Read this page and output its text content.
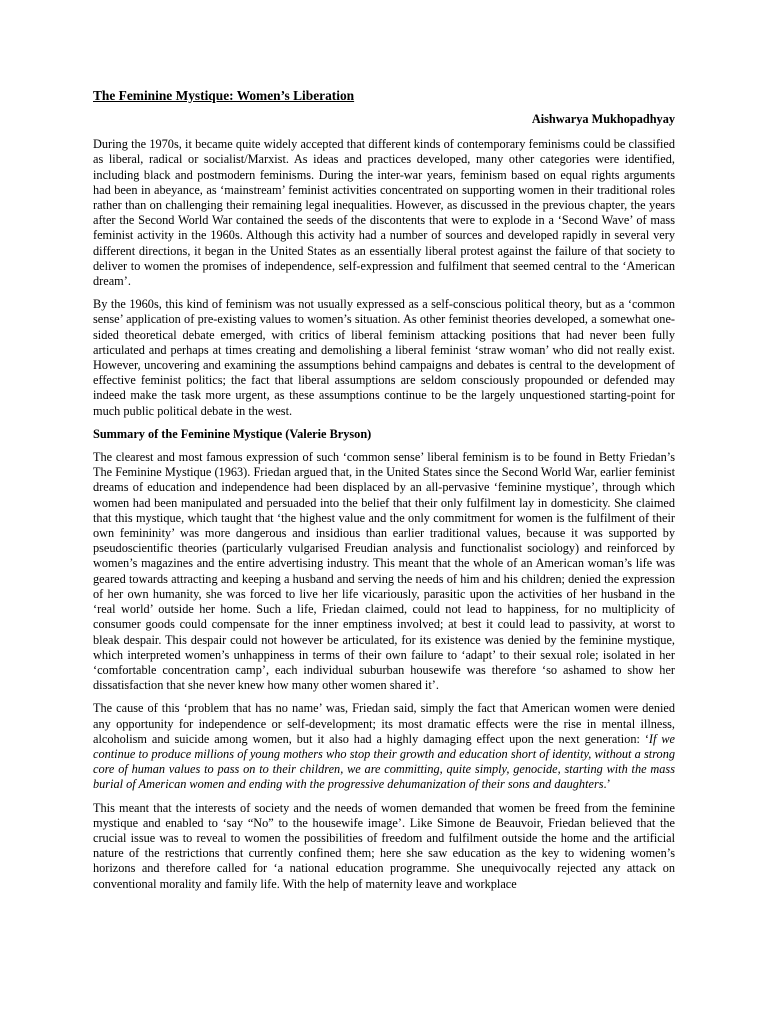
The Feminine Mystique: Women’s Liberation
Aishwarya Mukhopadhyay

During the 1970s, it became quite widely accepted that different kinds of contemporary feminisms could be classified as liberal, radical or socialist/Marxist. As ideas and practices developed, many other categories were identified, including black and postmodern feminisms. During the inter-war years, feminism based on equal rights arguments had been in abeyance, as ‘mainstream’ feminist activities concentrated on supporting women in their traditional roles rather than on challenging their remaining legal inequalities. However, as discussed in the previous chapter, the years after the Second World War contained the seeds of the discontents that were to explode in a ‘Second Wave’ of mass feminist activity in the 1960s. Although this activity had a number of sources and developed rapidly in several very different directions, it began in the United States as an essentially liberal protest against the failure of that society to deliver to women the promises of independence, self-expression and fulfilment that seemed central to the ‘American dream’.

By the 1960s, this kind of feminism was not usually expressed as a self-conscious political theory, but as a ‘common sense’ application of pre-existing values to women’s situation. As other feminist theories developed, a somewhat one-sided theoretical debate emerged, with critics of liberal feminism attacking positions that had never been fully articulated and perhaps at times creating and demolishing a liberal feminist ‘straw woman’ who did not really exist. However, uncovering and examining the assumptions behind campaigns and debates is central to the development of effective feminist politics; the fact that liberal assumptions are seldom consciously propounded or defended may indeed make the task more urgent, as these assumptions continue to be the largely unquestioned starting-point for much public political debate in the west.

Summary of the Feminine Mystique (Valerie Bryson)

The clearest and most famous expression of such ‘common sense’ liberal feminism is to be found in Betty Friedan’s The Feminine Mystique (1963). Friedan argued that, in the United States since the Second World War, earlier feminist dreams of education and independence had been displaced by an all-pervasive ‘feminine mystique’, through which women had been manipulated and persuaded into the belief that their only fulfilment lay in domesticity. She claimed that this mystique, which taught that ‘the highest value and the only commitment for women is the fulfilment of their own femininity’ was more dangerous and insidious than earlier traditional values, because it was supported by pseudoscientific theories (particularly vulgarised Freudian analysis and functionalist sociology) and reinforced by women’s magazines and the entire advertising industry. This meant that the whole of an American woman’s life was geared towards attracting and keeping a husband and serving the needs of him and his children; denied the expression of her own humanity, she was forced to live her life vicariously, parasitic upon the activities of her husband in the ‘real world’ outside her home. Such a life, Friedan claimed, could not lead to happiness, for no multiplicity of consumer goods could compensate for the inner emptiness involved; at best it could lead to passivity, at worst to bleak despair. This despair could not however be articulated, for its existence was denied by the feminine mystique, which interpreted women’s unhappiness in terms of their own failure to ‘adapt’ to their sexual role; isolated in her ‘comfortable concentration camp’, each individual suburban housewife was therefore ‘so ashamed to show her dissatisfaction that she never knew how many other women shared it’.

The cause of this ‘problem that has no name’ was, Friedan said, simply the fact that American women were denied any opportunity for independence or self-development; its most dramatic effects were the rise in mental illness, alcoholism and suicide among women, but it also had a highly damaging effect upon the next generation: ‘If we continue to produce millions of young mothers who stop their growth and education short of identity, without a strong core of human values to pass on to their children, we are committing, quite simply, genocide, starting with the mass burial of American women and ending with the progressive dehumanization of their sons and daughters.’

This meant that the interests of society and the needs of women demanded that women be freed from the feminine mystique and enabled to ‘say “No” to the housewife image’. Like Simone de Beauvoir, Friedan believed that the crucial issue was to reveal to women the possibilities of freedom and fulfilment outside the home and the artificial nature of the restrictions that currently confined them; here she saw education as the key to widening women’s horizons and therefore called for ‘a national education programme. She unequivocally rejected any attack on conventional morality and family life. With the help of maternity leave and workplace
